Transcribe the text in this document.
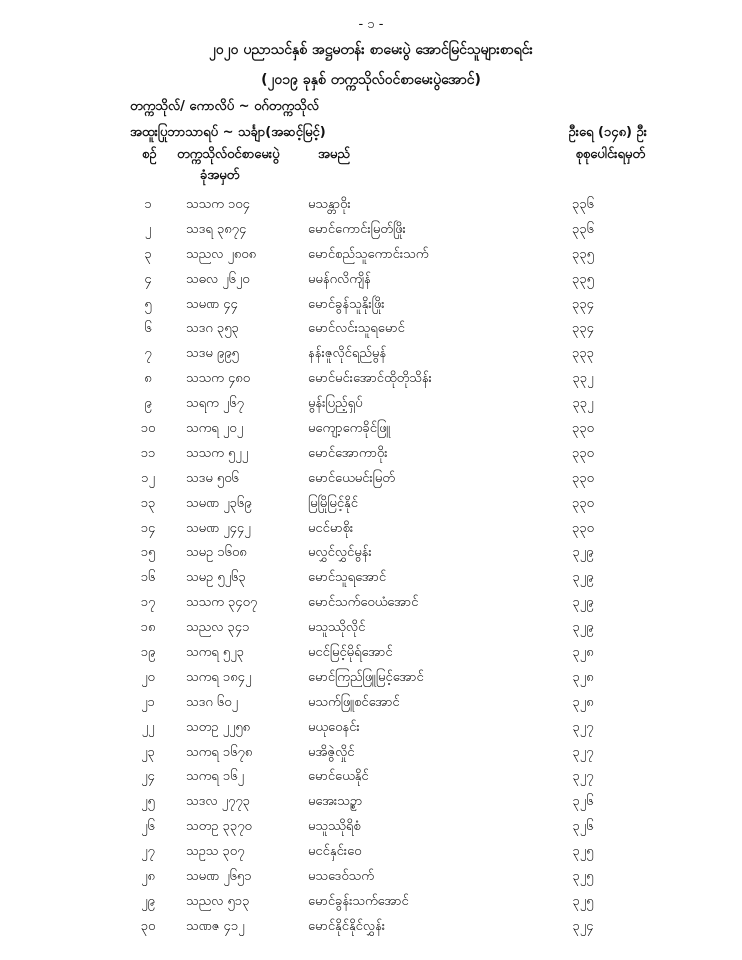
- ၁ -
၂၀၂၀ ပညာသင်နှစ် အဋ္ဌမတန်း စာမေးပွဲ အောင်မြင်သူများစာရင်း
(၂၀၁၉ ခုနှစ် တက္ကသိုလ်ဝင်စာမေးပွဲအောင်)
တက္ကသိုလ်/ ကောလိပ် ~ ဝဂ်တက္ကသိုလ်
အထူးပြုဘာသာရပ် ~ သင်္ချာ(အဆင့်မြင့်)	ဦးရေ (၁၄၈) ဦး
စဉ် တက္ကသိုလ်ဝင်စာမေးပွဲ
ခုံအမှတ်
အမည်	စုစုပေါင်းရမှတ်
၁	သသက ၁၀၄	မသန္တာဝိုး	၃၃၆
၂	သဒရ ၃၈၇၄	မောင်ကောင်းမြတ်ဖြိုး	၃၃၆
၃	သညလ ၂၈၀၈	မောင်စည်သူကောင်းသက်	၃၃၅
၄	သဓလ ၂၆၂၀	မမန်ဂလိကျိန်	၃၃၅
၅	သမဏ ၄၄	မောင်ခွန်သူနိုးဖြိုး	၃၃၄
၆	သဒဂ ၃၅၃	မောင်လင်းသူရမောင်	၃၃၄
၇	သဒမ ၉၉၅	နန်းဇူလိုင်ရည်မွန်	၃၃၃
၈	သသက ၄၈၀	မောင်မင်းအောင်ထိုတိုသိန်း	၃၃၂
၉	သရက ၂၆၇	မွန်းပြည့်ရှပ်	၃၃၂
၁၀	သကရ ၂၀၂	မကျော့ကေခိုင်ဖြူ	၃၃၀
၁၁	သသက ၅၂၂	မောင်အောကာဝိုး	၃၃၀
၁၂	သဒမ ၅၀၆	မောင်ယေမင်းမြတ်	၃၃၀
၁၃	သမဏ ၂၃၆၉	မြမြိုမြင့်နိုင်	၃၃၀
၁၄	သမဏ ၂၄၄၂	မငင်မာစိုး	၃၃၀
၁၅	သမဥ ၁၆၀၈	မလွှင်လွှင်မွန်း	၃၂၉
၁၆	သမဥ ၅၂၆၃	မောင်သူရအောင်	၃၂၉
၁၇	သသက ၃၄၀၇	မောင်သက်ဝေယံအောင်	၃၂၉
၁၈	သညလ ၃၄၁	မသူဿိုလိုင်	၃၂၉
၁၉	သကရ ၅၂၃	မငင်မြင့်မိုရ်အောင်	၃၂၈
၂၀	သကရ ၁၈၄၂	မောင်ကြည်ဖြူမြင့်အောင်	၃၂၈
၂၁	သဒဂ ၆၀၂	မသက်ဖြူစင်အောင်	၃၂၈
၂၂	သတဥ ၂၂၅၈	မယုဝေနင်း	၃၂၇
၂၃	သကရ ၁၆၇၈	မအိဇွဲလှိုင်	၃၂၇
၂၄	သကရ ၁၆၂	မောင်ယေနိုင်	၃၂၇
၂၅	သဒလ ၂၇၇၃	မအေးသဥ္စာ	၃၂၆
၂၆	သတဥ ၃၃၇၀	မသူဿိုရိစံ	၃၂၆
၂၇	သဥသ ၃၀၇	မငင်နှင်းဝေ	၃၂၅
၂၈	သမဏ ၂၆၅၁	မသဒေဝ်သက်	၃၂၅
၂၉	သညလ ၅၁၃	မောင်ခွန်းသက်အောင်	၃၂၅
၃၀	သဏဇ ၄၁၂	မောင်နိုင်နိုင်လွှန်း	၃၂၄
